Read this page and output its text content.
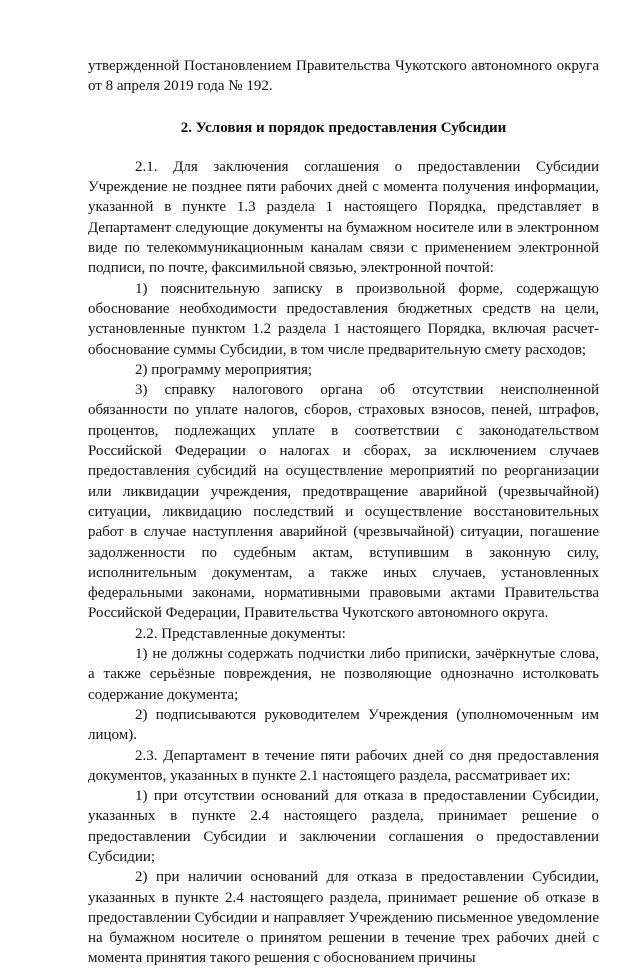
утвержденной Постановлением Правительства Чукотского автономного округа от 8 апреля 2019 года № 192.

2. Условия и порядок предоставления Субсидии

2.1. Для заключения соглашения о предоставлении Субсидии Учреждение не позднее пяти рабочих дней с момента получения информации, указанной в пункте 1.3 раздела 1 настоящего Порядка, представляет в Департамент следующие документы на бумажном носителе или в электронном виде по телекоммуникационным каналам связи с применением электронной подписи, по почте, факсимильной связью, электронной почтой:

1) пояснительную записку в произвольной форме, содержащую обоснование необходимости предоставления бюджетных средств на цели, установленные пунктом 1.2 раздела 1 настоящего Порядка, включая расчет-обоснование суммы Субсидии, в том числе предварительную смету расходов;

2) программу мероприятия;

3) справку налогового органа об отсутствии неисполненной обязанности по уплате налогов, сборов, страховых взносов, пеней, штрафов, процентов, подлежащих уплате в соответствии с законодательством Российской Федерации о налогах и сборах, за исключением случаев предоставления субсидий на осуществление мероприятий по реорганизации или ликвидации учреждения, предотвращение аварийной (чрезвычайной) ситуации, ликвидацию последствий и осуществление восстановительных работ в случае наступления аварийной (чрезвычайной) ситуации, погашение задолженности по судебным актам, вступившим в законную силу, исполнительным документам, а также иных случаев, установленных федеральными законами, нормативными правовыми актами Правительства Российской Федерации, Правительства Чукотского автономного округа.

2.2. Представленные документы:

1) не должны содержать подчистки либо приписки, зачёркнутые слова, а также серьёзные повреждения, не позволяющие однозначно истолковать содержание документа;

2) подписываются руководителем Учреждения (уполномоченным им лицом).

2.3. Департамент в течение пяти рабочих дней со дня предоставления документов, указанных в пункте 2.1 настоящего раздела, рассматривает их:

1) при отсутствии оснований для отказа в предоставлении Субсидии, указанных в пункте 2.4 настоящего раздела, принимает решение о предоставлении Субсидии и заключении соглашения о предоставлении Субсидии;

2) при наличии оснований для отказа в предоставлении Субсидии, указанных в пункте 2.4 настоящего раздела, принимает решение об отказе в предоставлении Субсидии и направляет Учреждению письменное уведомление на бумажном носителе о принятом решении в течение трех рабочих дней с момента принятия такого решения с обоснованием причины
